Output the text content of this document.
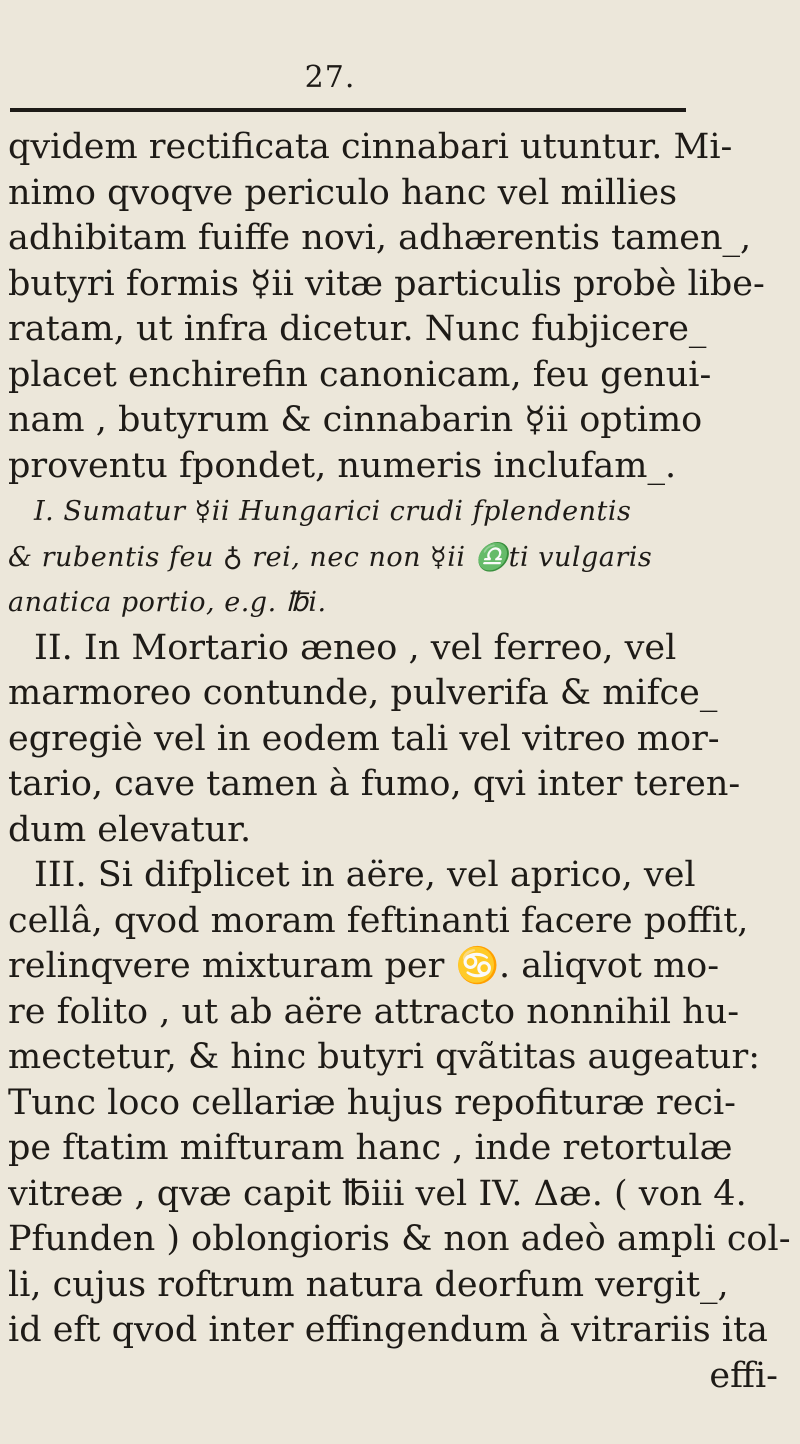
27.
qvidem rectificata cinnabari utuntur. Mi-
nimo qvoqve periculo hanc vel millies
adhibitam fuiffe novi, adhærentis tamen_,
butyri formis ☿ii vitæ particulis probè libe-
ratam, ut infra dicetur. Nunc fubjicere_
placet enchirefin canonicam, feu genui-
nam , butyrum & cinnabarin ☿ii optimo
proventu fpondet, numeris inclufam_.
I. Sumatur ☿ii Hungarici crudi fplendentis
& rubentis feu ♁ rei, nec non ☿ii ♎ti vulgaris
anatica portio, e.g. ℔i.
II. In Mortario æneo , vel ferreo, vel
marmoreo contunde, pulverifa & mifce_
egregiè vel in eodem tali vel vitreo mor-
tario, cave tamen à fumo, qvi inter teren-
dum elevatur.
III. Si difplicet in aëre, vel aprico, vel
cellâ, qvod moram feftinanti facere poffit,
relinqvere mixturam per ♋. aliqvot mo-
re folito , ut ab aëre attracto nonnihil hu-
mectetur, & hinc butyri qvãtitas augeatur:
Tunc loco cellariæ hujus repofituræ reci-
pe ftatim mifturam hanc , inde retortulæ
vitreæ , qvæ capit ℔iii vel IV. Δæ. ( von 4.
Pfunden ) oblongioris & non adeò ampli col-
li, cujus roftrum natura deorfum vergit_,
id eft qvod inter effingendum à vitrariis ita
effi-
